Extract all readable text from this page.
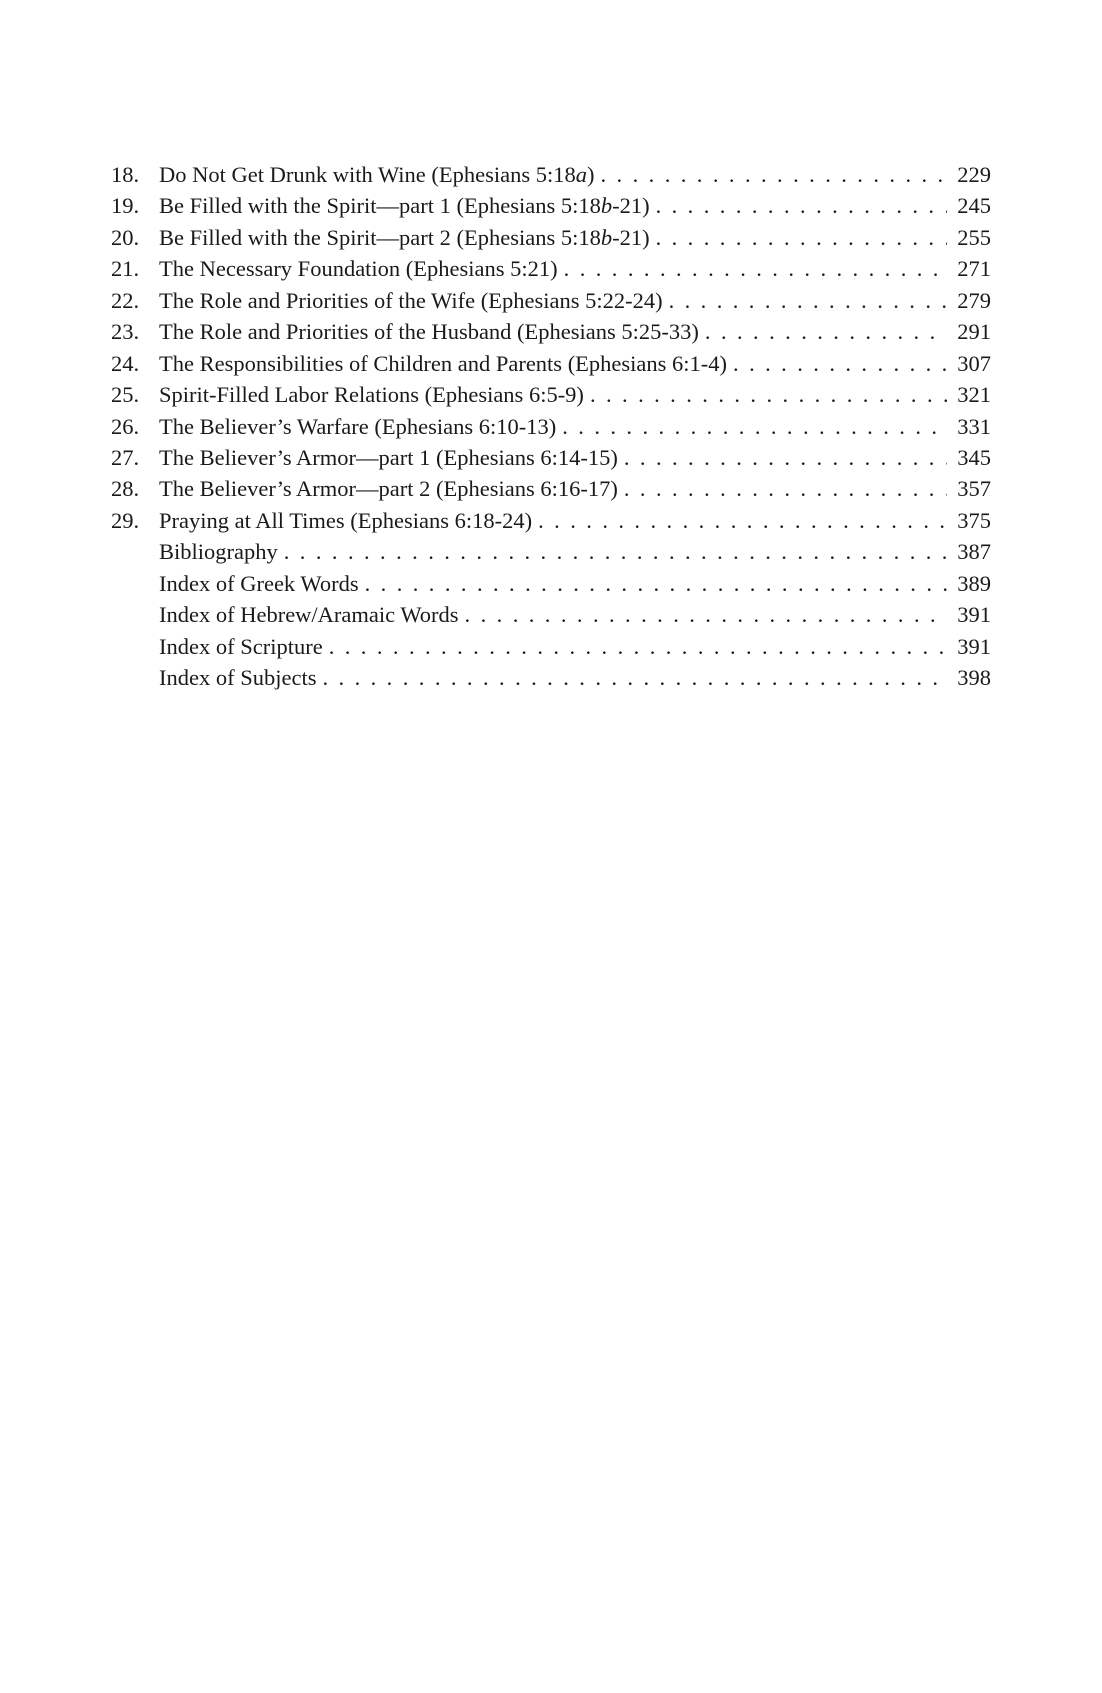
18. Do Not Get Drunk with Wine (Ephesians 5:18a) . . .	229
19. Be Filled with the Spirit—part 1 (Ephesians 5:18b-21) . . .	245
20. Be Filled with the Spirit—part 2 (Ephesians 5:18b-21) . . .	255
21. The Necessary Foundation (Ephesians 5:21) . . .	271
22. The Role and Priorities of the Wife (Ephesians 5:22-24) . . .	279
23. The Role and Priorities of the Husband (Ephesians 5:25-33) . . .	291
24. The Responsibilities of Children and Parents (Ephesians 6:1-4) . . .	307
25. Spirit-Filled Labor Relations (Ephesians 6:5-9) . . .	321
26. The Believer’s Warfare (Ephesians 6:10-13) . . .	331
27. The Believer’s Armor—part 1 (Ephesians 6:14-15) . . .	345
28. The Believer’s Armor—part 2 (Ephesians 6:16-17) . . .	357
29. Praying at All Times (Ephesians 6:18-24) . . .	375
Bibliography . . .	387
Index of Greek Words . . .	389
Index of Hebrew/Aramaic Words . . .	391
Index of Scripture . . .	391
Index of Subjects . . .	398
